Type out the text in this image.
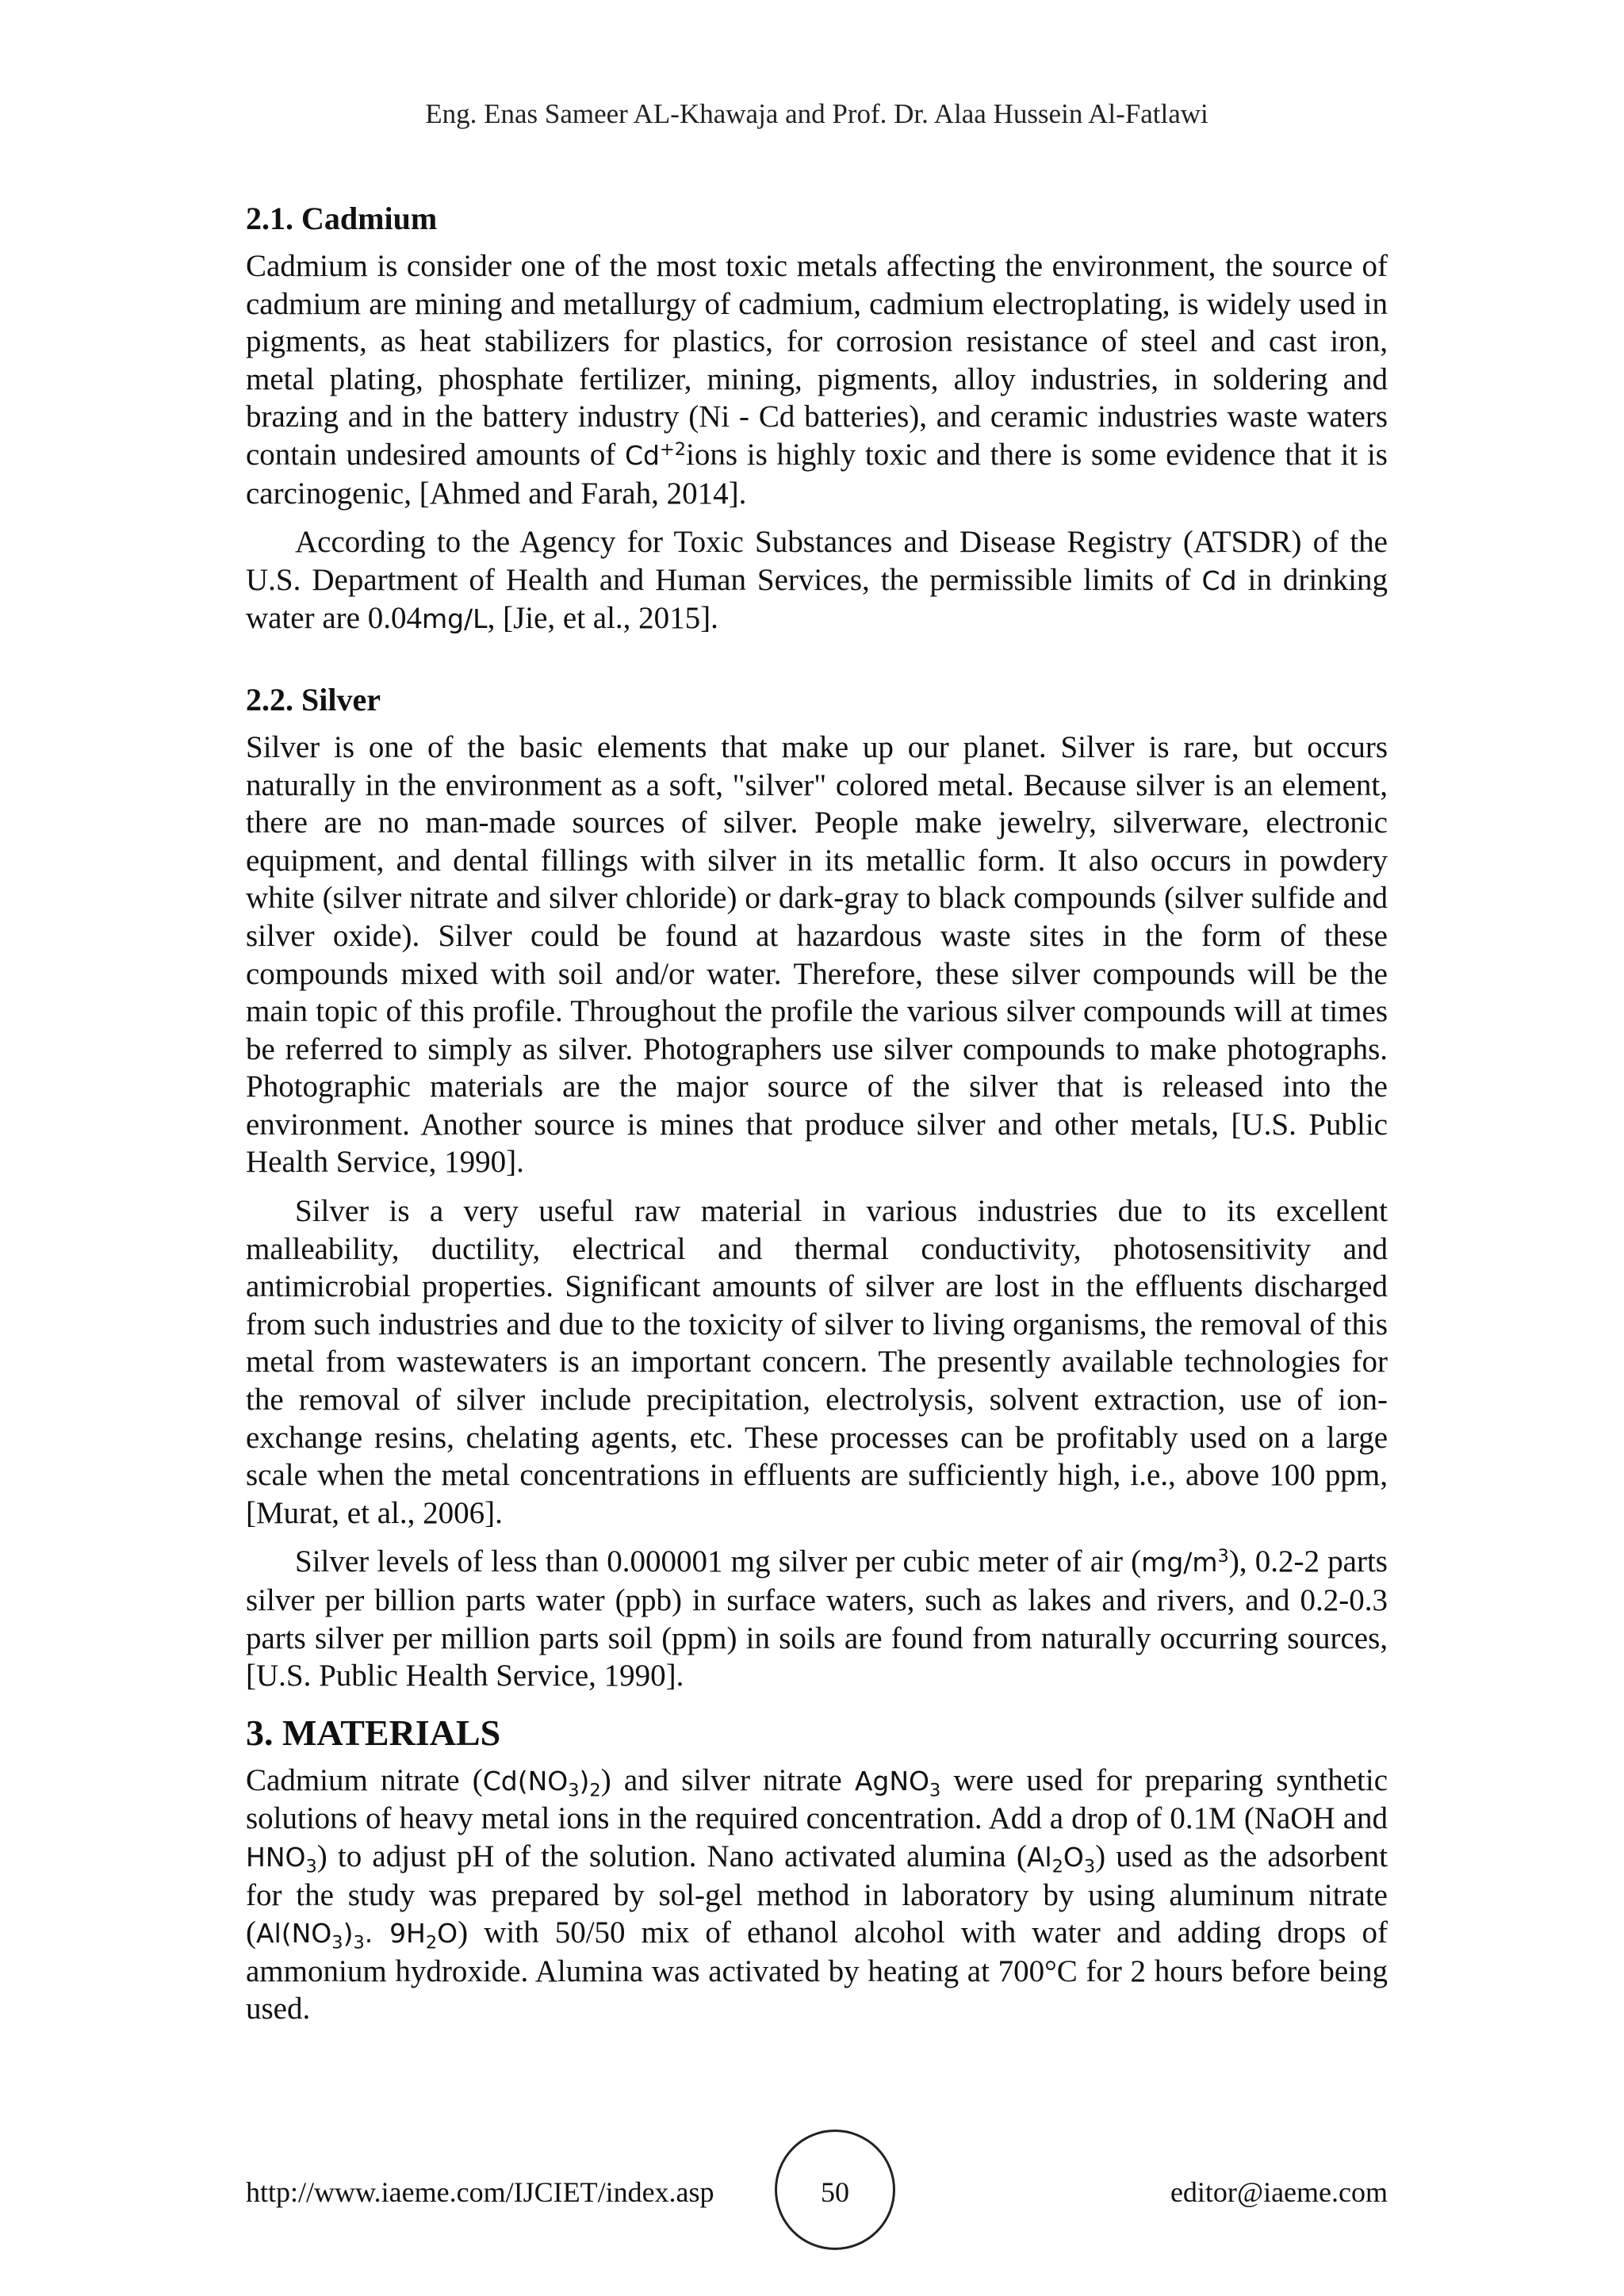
Eng. Enas Sameer AL-Khawaja and Prof. Dr. Alaa Hussein Al-Fatlawi
2.1. Cadmium

Cadmium is consider one of the most toxic metals affecting the environment, the source of cadmium are mining and metallurgy of cadmium, cadmium electroplating, is widely used in pigments, as heat stabilizers for plastics, for corrosion resistance of steel and cast iron, metal plating, phosphate fertilizer, mining, pigments, alloy industries, in soldering and brazing and in the battery industry (Ni - Cd batteries), and ceramic industries waste waters contain undesired amounts of $Cd^{+2}ions$ is highly toxic and there is some evidence that it is carcinogenic, [Ahmed and Farah, 2014].

According to the Agency for Toxic Substances and Disease Registry (ATSDR) of the U.S. Department of Health and Human Services, the permissible limits of Cd in drinking water are 0.04mg/L, [Jie, et al., 2015].

2.2. Silver

Silver is one of the basic elements that make up our planet. Silver is rare, but occurs naturally in the environment as a soft, "silver" colored metal. Because silver is an element, there are no man-made sources of silver. People make jewelry, silverware, electronic equipment, and dental fillings with silver in its metallic form. It also occurs in powdery white (silver nitrate and silver chloride) or dark-gray to black compounds (silver sulfide and silver oxide). Silver could be found at hazardous waste sites in the form of these compounds mixed with soil and/or water. Therefore, these silver compounds will be the main topic of this profile. Throughout the profile the various silver compounds will at times be referred to simply as silver. Photographers use silver compounds to make photographs. Photographic materials are the major source of the silver that is released into the environment. Another source is mines that produce silver and other metals, [U.S. Public Health Service, 1990].

Silver is a very useful raw material in various industries due to its excellent malleability, ductility, electrical and thermal conductivity, photosensitivity and antimicrobial properties. Significant amounts of silver are lost in the effluents discharged from such industries and due to the toxicity of silver to living organisms, the removal of this metal from wastewaters is an important concern. The presently available technologies for the removal of silver include precipitation, electrolysis, solvent extraction, use of ion-exchange resins, chelating agents, etc. These processes can be profitably used on a large scale when the metal concentrations in effluents are sufficiently high, i.e., above 100 ppm, [Murat, et al., 2006].

Silver levels of less than 0.000001 mg silver per cubic meter of air $(mg/m^3)$, 0.2-2 parts silver per billion parts water (ppb) in surface waters, such as lakes and rivers, and 0.2-0.3 parts silver per million parts soil (ppm) in soils are found from naturally occurring sources, [U.S. Public Health Service, 1990].

3. MATERIALS

Cadmium nitrate $(Cd(NO_3)_2)$ and silver nitrate AgNO$_3$ were used for preparing synthetic solutions of heavy metal ions in the required concentration. Add a drop of 0.1M (NaOH and $HNO_3$) to adjust pH of the solution. Nano activated alumina $(Al_2O_3)$ used as the adsorbent for the study was prepared by sol-gel method in laboratory by using aluminum nitrate ($Al(NO_3)_3$. $9H_2O$) with 50/50 mix of ethanol alcohol with water and adding drops of ammonium hydroxide. Alumina was activated by heating at 700°C for 2 hours before being used.

http://www.iaeme.com/IJCIET/index.asp	50	editor@iaeme.com
